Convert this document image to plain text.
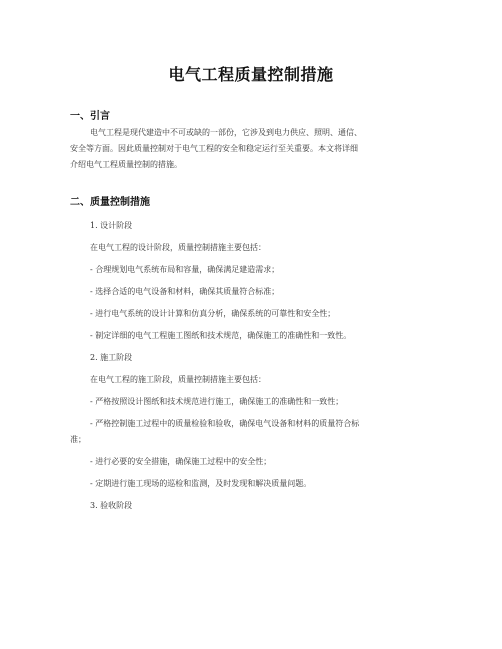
电气工程质量控制措施
一、引言
电气工程是现代建造中不可或缺的一部份，它涉及到电力供应、照明、通信、
安全等方面。因此质量控制对于电气工程的安全和稳定运行至关重要。本文将详细
介绍电气工程质量控制的措施。
二、质量控制措施
1. 设计阶段
在电气工程的设计阶段，质量控制措施主要包括：
- 合理规划电气系统布局和容量，确保满足建造需求；
- 选择合适的电气设备和材料，确保其质量符合标准；
- 进行电气系统的设计计算和仿真分析，确保系统的可靠性和安全性；
- 制定详细的电气工程施工图纸和技术规范，确保施工的准确性和一致性。
2. 施工阶段
在电气工程的施工阶段，质量控制措施主要包括：
- 严格按照设计图纸和技术规范进行施工，确保施工的准确性和一致性；
- 严格控制施工过程中的质量检验和验收，确保电气设备和材料的质量符合标
准；
- 进行必要的安全措施，确保施工过程中的安全性；
- 定期进行施工现场的巡检和监测，及时发现和解决质量问题。
3. 验收阶段
